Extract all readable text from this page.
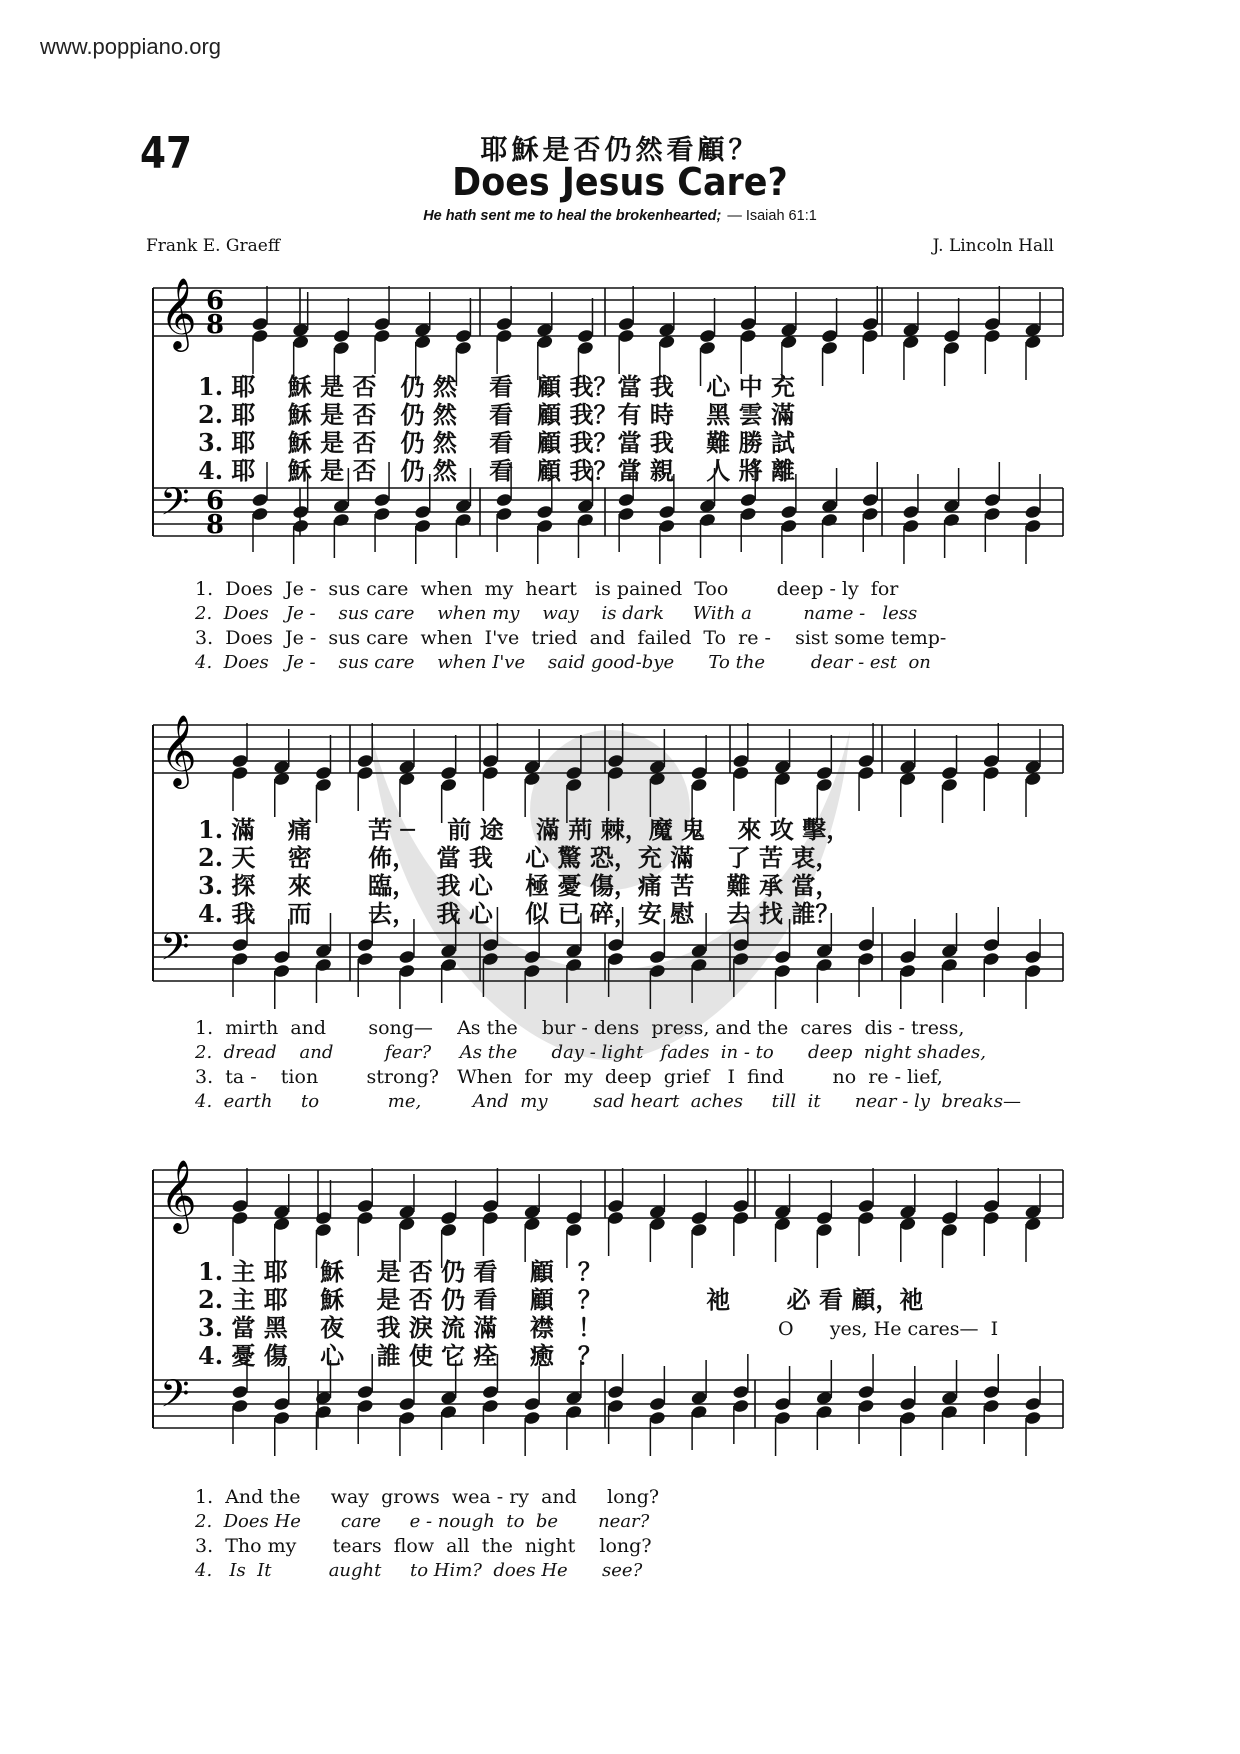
www.poppiano.org
47	耶穌是否仍然看顧？
Does Jesus Care?
He hath sent me to heal the brokenhearted; — Isaiah 61:1
Frank E. Graeff	J. Lincoln Hall
𝄞
𝄢
6
8
6
8
𝄞
𝄢
𝄞
𝄢
1. 耶　 穌 是 否　仍 然　 看　顧 我？當 我　 心 中 充
2. 耶　 穌 是 否　仍 然　 看　顧 我？有 時　 黑 雲 滿
3. 耶　 穌 是 否　仍 然　 看　顧 我？當 我　 難 勝 試
4. 耶　 穌 是 否　仍 然　 看　顧 我？當 親　 人 將 離
1.  Does  Je -  sus care  when  my  heart   is pained  Too        deep - ly  for
2.  Does   Je -    sus care    when my    way    is dark     With a         name -   less
3.  Does  Je -  sus care  when  I've  tried  and  failed  To  re -    sist some temp-
4.  Does   Je -    sus care    when I've    said good-bye      To the        dear - est  on
1. 滿　 痛　　 苦 ─　 前 途　 滿 荊 棘，魔 鬼　 來 攻 擊，
2. 天　 密　　 佈，　 當 我　 心 驚 恐，充 滿　 了 苦 衷，
3. 探　 來　　 臨，　 我 心　 極 憂 傷，痛 苦　 難 承 當，
4. 我　 而　　 去，　 我 心　 似 已 碎，安 慰　 去 找 誰？
1.  mirth  and       song—    As the    bur - dens  press, and the  cares  dis - tress,
2.  dread    and         fear?     As the      day - light   fades  in - to      deep  night shades,
3.  ta -    tion        strong?   When  for  my  deep  grief   I  find        no  re - lief,
4.  earth     to            me,         And  my        sad heart  aches     till  it      near - ly  breaks—
1. 主 耶　 穌　 是 否 仍 看　 顧　？
2. 主 耶　 穌　 是 否 仍 看　 顧　？　　　　 祂　　 必 看 顧，祂
3. 當 黑　 夜　 我 淚 流 滿　 襟　！
4. 憂 傷　 心　 誰 使 它 痊　 癒　？
1.  And the     way  grows  wea - ry  and     long?
2.  Does He       care     e - nough  to  be       near?
3.  Tho my      tears  flow  all  the  night    long?
4.   Is  It          aught     to Him?  does He      see?
O      yes, He cares—  I
